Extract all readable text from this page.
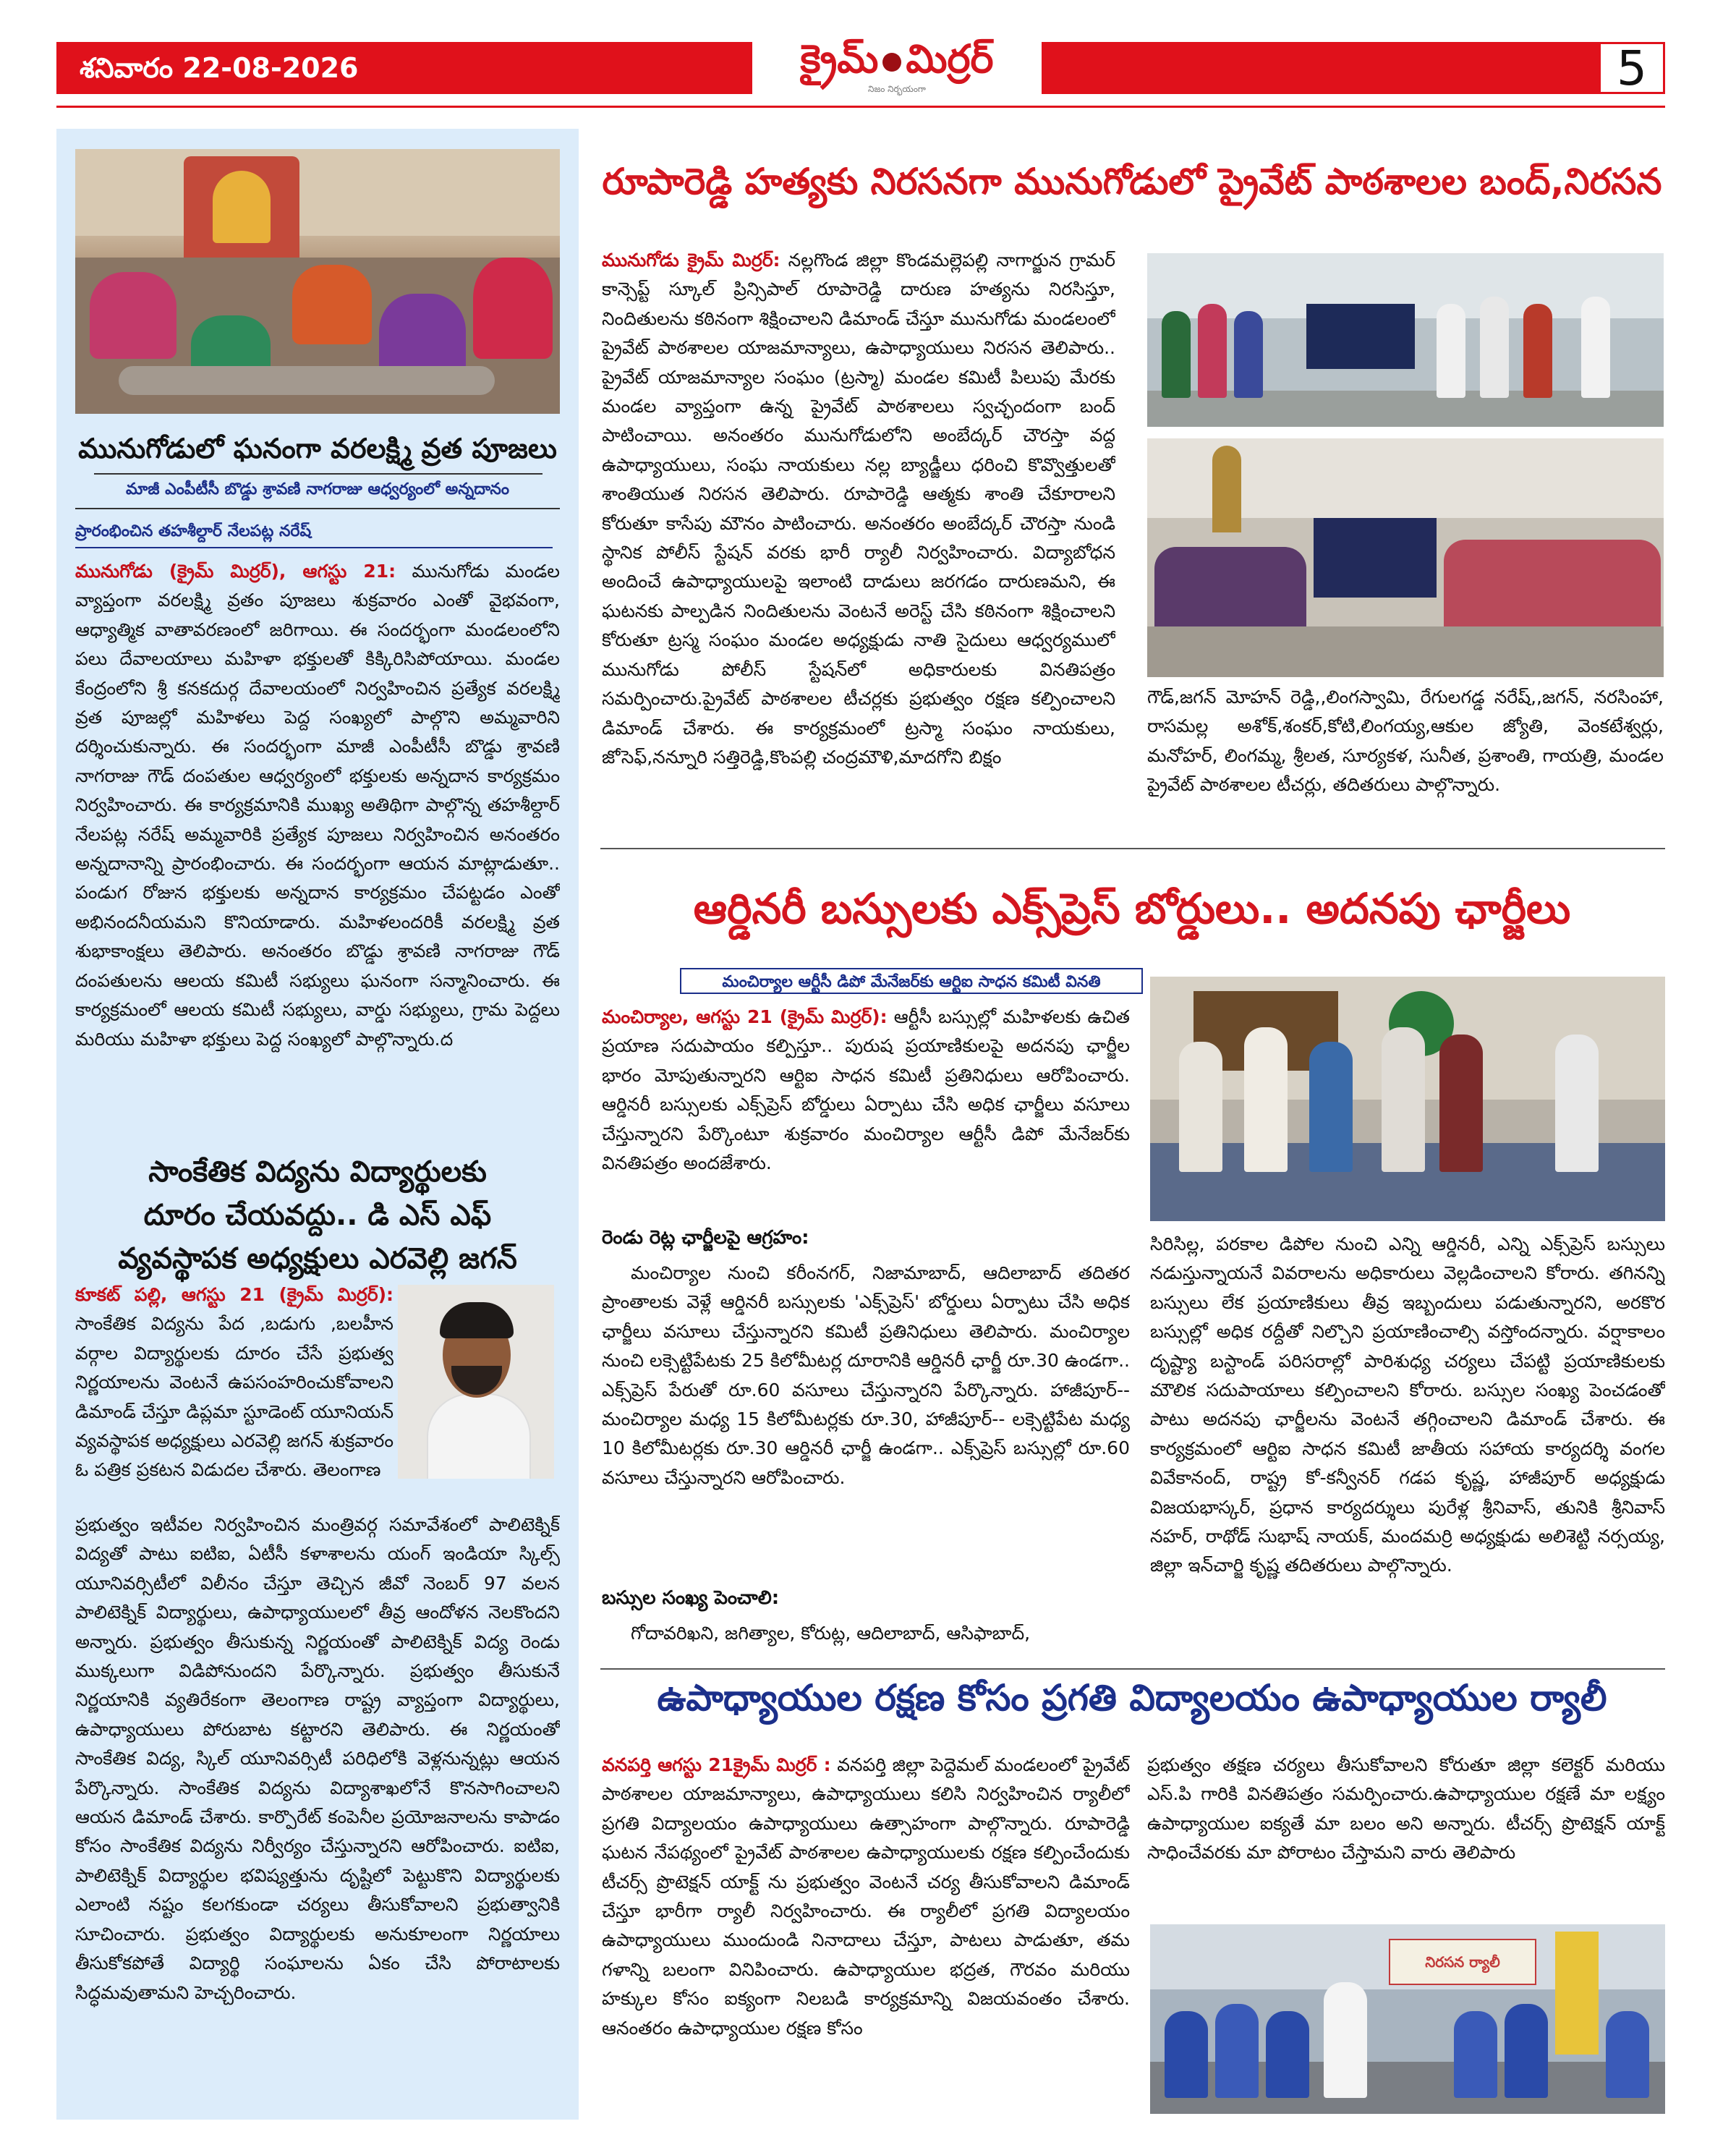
శనివారం 22-08-2026	క్రైమ్ మిర్రర్
నిజం నిర్భయంగా	5
మునుగోడులో ఘనంగా వరలక్ష్మి వ్రత పూజలు
మాజీ ఎంపీటీసీ బొడ్డు శ్రావణి నాగరాజు ఆధ్వర్యంలో అన్నదానం
ప్రారంభించిన తహశీల్దార్ నేలపట్ల నరేష్
మునుగోడు (క్రైమ్ మిర్రర్), ఆగస్టు 21: మునుగోడు మండల వ్యాప్తంగా వరలక్ష్మి వ్రతం పూజలు శుక్రవారం ఎంతో వైభవంగా, ఆధ్యాత్మిక వాతావరణంలో జరిగాయి. ఈ సందర్భంగా మండలంలోని పలు దేవాలయాలు మహిళా భక్తులతో కిక్కిరిసిపోయాయి. మండల కేంద్రంలోని శ్రీ కనకదుర్గ దేవాలయంలో నిర్వహించిన ప్రత్యేక వరలక్ష్మి వ్రత పూజల్లో మహిళలు పెద్ద సంఖ్యలో పాల్గొని అమ్మవారిని దర్శించుకున్నారు. ఈ సందర్భంగా మాజీ ఎంపీటీసీ బొడ్డు శ్రావణి నాగరాజు గౌడ్ దంపతుల ఆధ్వర్యంలో భక్తులకు అన్నదాన కార్యక్రమం నిర్వహించారు. ఈ కార్యక్రమానికి ముఖ్య అతిథిగా పాల్గొన్న తహశీల్దార్ నేలపట్ల నరేష్ అమ్మవారికి ప్రత్యేక పూజలు నిర్వహించిన అనంతరం అన్నదానాన్ని ప్రారంభించారు. ఈ సందర్భంగా ఆయన మాట్లాడుతూ.. పండుగ రోజున భక్తులకు అన్నదాన కార్యక్రమం చేపట్టడం ఎంతో అభినందనీయమని కొనియాడారు. మహిళలందరికీ వరలక్ష్మి వ్రత శుభాకాంక్షలు తెలిపారు. అనంతరం బొడ్డు శ్రావణి నాగరాజు గౌడ్ దంపతులను ఆలయ కమిటీ సభ్యులు ఘనంగా సన్మానించారు. ఈ కార్యక్రమంలో ఆలయ కమిటీ సభ్యులు, వార్డు సభ్యులు, గ్రామ పెద్దలు మరియు మహిళా భక్తులు పెద్ద సంఖ్యలో పాల్గొన్నారు.ద
సాంకేతిక విద్యను విద్యార్థులకు
దూరం చేయవద్దు.. డి ఎస్ ఎఫ్
వ్యవస్థాపక అధ్యక్షులు ఎరవెల్లి జగన్
కూకట్ పల్లి, ఆగస్టు 21 (క్రైమ్ మిర్రర్): సాంకేతిక విద్యను పేద ,బడుగు ,బలహీన వర్గాల విద్యార్థులకు దూరం చేసే ప్రభుత్వ నిర్ణయాలను వెంటనే ఉపసంహరించుకోవాలని డిమాండ్ చేస్తూ డిప్లమా స్టూడెంట్ యూనియన్ వ్యవస్థాపక అధ్యక్షులు ఎరవెల్లి జగన్ శుక్రవారం ఓ పత్రిక ప్రకటన విడుదల చేశారు. తెలంగాణ
ప్రభుత్వం ఇటీవల నిర్వహించిన మంత్రివర్గ సమావేశంలో పాలిటెక్నిక్ విద్యతో పాటు ఐటిఐ, ఏటీసీ కళాశాలను యంగ్ ఇండియా స్కిల్స్ యూనివర్సిటీలో విలీనం చేస్తూ తెచ్చిన జీవో నెంబర్ 97 వలన పాలిటెక్నిక్ విద్యార్థులు, ఉపాధ్యాయులలో తీవ్ర ఆందోళన నెలకొందని అన్నారు. ప్రభుత్వం తీసుకున్న నిర్ణయంతో పాలిటెక్నిక్ విద్య రెండు ముక్కలుగా విడిపోనుందని పేర్కొన్నారు. ప్రభుత్వం తీసుకునే నిర్ణయానికి వ్యతిరేకంగా తెలంగాణ రాష్ట్ర వ్యాప్తంగా విద్యార్థులు, ఉపాధ్యాయులు పోరుబాట కట్టారని తెలిపారు. ఈ నిర్ణయంతో సాంకేతిక విద్య, స్కిల్ యూనివర్సిటీ పరిధిలోకి వెళ్లనున్నట్లు ఆయన పేర్కొన్నారు. సాంకేతిక విద్యను విద్యాశాఖలోనే కొనసాగించాలని ఆయన డిమాండ్ చేశారు. కార్పొరేట్ కంపెనీల ప్రయోజనాలను కాపాడం కోసం సాంకేతిక విద్యను నిర్వీర్యం చేస్తున్నారని ఆరోపించారు. ఐటిఐ, పాలిటెక్నిక్ విద్యార్థుల భవిష్యత్తును దృష్టిలో పెట్టుకొని విద్యార్థులకు ఎలాంటి నష్టం కలగకుండా చర్యలు తీసుకోవాలని ప్రభుత్వానికి సూచించారు. ప్రభుత్వం విద్యార్థులకు అనుకూలంగా నిర్ణయాలు తీసుకోకపోతే విద్యార్థి సంఘాలను ఏకం చేసి పోరాటాలకు సిద్ధమవుతామని హెచ్చరించారు.
రూపారెడ్డి హత్యకు నిరసనగా మునుగోడులో ప్రైవేట్ పాఠశాలల బంద్,నిరసన
మునుగోడు క్రైమ్ మిర్రర్: నల్లగొండ జిల్లా కొండమల్లెపల్లి నాగార్జున గ్రామర్ కాన్సెప్ట్ స్కూల్ ప్రిన్సిపాల్ రూపారెడ్డి దారుణ హత్యను నిరసిస్తూ, నిందితులను కఠినంగా శిక్షించాలని డిమాండ్ చేస్తూ మునుగోడు మండలంలో ప్రైవేట్ పాఠశాలల యాజమాన్యాలు, ఉపాధ్యాయులు నిరసన తెలిపారు.. ప్రైవేట్ యాజమాన్యాల సంఘం (ట్రస్మా) మండల కమిటీ పిలుపు మేరకు మండల వ్యాప్తంగా ఉన్న ప్రైవేట్ పాఠశాలలు స్వచ్ఛందంగా బంద్ పాటించాయి. అనంతరం మునుగోడులోని అంబేద్కర్ చౌరస్తా వద్ద ఉపాధ్యాయులు, సంఘ నాయకులు నల్ల బ్యాడ్జీలు ధరించి కొవ్వొత్తులతో శాంతియుత నిరసన తెలిపారు. రూపారెడ్డి ఆత్మకు శాంతి చేకూరాలని కోరుతూ కాసేపు మౌనం పాటించారు. అనంతరం అంబేద్కర్ చౌరస్తా నుండి స్థానిక పోలీస్ స్టేషన్ వరకు భారీ ర్యాలీ నిర్వహించారు. విద్యాబోధన అందించే ఉపాధ్యాయులపై ఇలాంటి దాడులు జరగడం దారుణమని, ఈ ఘటనకు పాల్పడిన నిందితులను వెంటనే అరెస్ట్ చేసి కఠినంగా శిక్షించాలని కోరుతూ ట్రస్మ సంఘం మండల అధ్యక్షుడు నాతి సైదులు ఆధ్వర్యములో మునుగోడు పోలీస్ స్టేషన్‌లో అధికారులకు వినతిపత్రం సమర్పించారు.ప్రైవేట్ పాఠశాలల టీచర్లకు ప్రభుత్వం రక్షణ కల్పించాలని డిమాండ్ చేశారు. ఈ కార్యక్రమంలో ట్రస్మా సంఘం నాయకులు, జోసెఫ్,నన్నూరి సత్తిరెడ్డి,కొంపల్లి చంద్రమౌళి,మాదగోని బిక్షం
గౌడ్,జగన్ మోహన్ రెడ్డి,,లింగస్వామి, రేగులగడ్డ నరేష్,,జగన్, నరసింహా, రాసమల్ల అశోక్,శంకర్,కోటి,లింగయ్య,ఆకుల జ్యోతి, వెంకటేశ్వర్లు, మనోహర్, లింగమ్మ, శ్రీలత, సూర్యకళ, సునీత, ప్రశాంతి, గాయత్రి, మండల ప్రైవేట్ పాఠశాలల టీచర్లు, తదితరులు పాల్గొన్నారు.
ఆర్డినరీ బస్సులకు ఎక్స్‌ప్రెస్ బోర్డులు.. అదనపు ఛార్జీలు
మంచిర్యాల ఆర్టీసీ డిపో మేనేజర్‌కు ఆర్టిఐ సాధన కమిటీ వినతి
మంచిర్యాల, ఆగస్టు 21 (క్రైమ్ మిర్రర్): ఆర్టీసీ బస్సుల్లో మహిళలకు ఉచిత ప్రయాణ సదుపాయం కల్పిస్తూ.. పురుష ప్రయాణికులపై అదనపు ఛార్జీల భారం మోపుతున్నారని ఆర్టిఐ సాధన కమిటీ ప్రతినిధులు ఆరోపించారు. ఆర్డినరీ బస్సులకు ఎక్స్‌ప్రెస్ బోర్డులు ఏర్పాటు చేసి అధిక ఛార్జీలు వసూలు చేస్తున్నారని పేర్కొంటూ శుక్రవారం మంచిర్యాల ఆర్టీసీ డిపో మేనేజర్‌కు వినతిపత్రం అందజేశారు.
రెండు రెట్ల ఛార్జీలపై ఆగ్రహం:
మంచిర్యాల నుంచి కరీంనగర్, నిజామాబాద్, ఆదిలాబాద్ తదితర ప్రాంతాలకు వెళ్లే ఆర్డినరీ బస్సులకు 'ఎక్స్‌ప్రెస్' బోర్డులు ఏర్పాటు చేసి అధిక ఛార్జీలు వసూలు చేస్తున్నారని కమిటీ ప్రతినిధులు తెలిపారు. మంచిర్యాల నుంచి లక్సెట్టిపేటకు 25 కిలోమీటర్ల దూరానికి ఆర్డినరీ ఛార్జీ రూ.30 ఉండగా.. ఎక్స్‌ప్రెస్ పేరుతో రూ.60 వసూలు చేస్తున్నారని పేర్కొన్నారు. హాజీపూర్-- మంచిర్యాల మధ్య 15 కిలోమీటర్లకు రూ.30, హాజీపూర్-- లక్సెట్టిపేట మధ్య 10 కిలోమీటర్లకు రూ.30 ఆర్డినరీ ఛార్జీ ఉండగా.. ఎక్స్‌ప్రెస్ బస్సుల్లో రూ.60 వసూలు చేస్తున్నారని ఆరోపించారు.
బస్సుల సంఖ్య పెంచాలి:
గోదావరిఖని, జగిత్యాల, కోరుట్ల, ఆదిలాబాద్, ఆసిఫాబాద్,
సిరిసిల్ల, పరకాల డిపోల నుంచి ఎన్ని ఆర్డినరీ, ఎన్ని ఎక్స్‌ప్రెస్ బస్సులు నడుస్తున్నాయనే వివరాలను అధికారులు వెల్లడించాలని కోరారు. తగినన్ని బస్సులు లేక ప్రయాణికులు తీవ్ర ఇబ్బందులు పడుతున్నారని, అరకొర బస్సుల్లో అధిక రద్దీతో నిల్చొని ప్రయాణించాల్సి వస్తోందన్నారు. వర్షాకాలం దృష్ట్యా బస్టాండ్ పరిసరాల్లో పారిశుధ్య చర్యలు చేపట్టి ప్రయాణికులకు మౌలిక సదుపాయాలు కల్పించాలని కోరారు. బస్సుల సంఖ్య పెంచడంతో పాటు అదనపు ఛార్జీలను వెంటనే తగ్గించాలని డిమాండ్ చేశారు. ఈ కార్యక్రమంలో ఆర్టిఐ సాధన కమిటీ జాతీయ సహాయ కార్యదర్శి వంగల వివేకానంద్, రాష్ట్ర కో-కన్వీనర్ గడప కృష్ణ, హాజీపూర్ అధ్యక్షుడు విజయభాస్కర్, ప్రధాన కార్యదర్శులు పురేళ్ల శ్రీనివాస్, తునికి శ్రీనివాస్ నహర్, రాథోడ్ సుభాష్ నాయక్, మందమర్రి అధ్యక్షుడు అలిశెట్టి నర్సయ్య, జిల్లా ఇన్‌చార్జి కృష్ణ తదితరులు పాల్గొన్నారు.
ఉపాధ్యాయుల రక్షణ కోసం ప్రగతి విద్యాలయం ఉపాధ్యాయుల ర్యాలీ
వనపర్తి ఆగస్టు 21క్రైమ్ మిర్రర్ : వనపర్తి జిల్లా పెద్దెమల్ మండలంలో ప్రైవేట్ పాఠశాలల యాజమాన్యాలు, ఉపాధ్యాయులు కలిసి నిర్వహించిన ర్యాలీలో ప్రగతి విద్యాలయం ఉపాధ్యాయులు ఉత్సాహంగా పాల్గొన్నారు. రూపారెడ్డి ఘటన నేపథ్యంలో ప్రైవేట్ పాఠశాలల ఉపాధ్యాయులకు రక్షణ కల్పించేందుకు టీచర్స్ ప్రొటెక్షన్ యాక్ట్ ను ప్రభుత్వం వెంటనే చర్య తీసుకోవాలని డిమాండ్ చేస్తూ భారీగా ర్యాలీ నిర్వహించారు. ఈ ర్యాలీలో ప్రగతి విద్యాలయం ఉపాధ్యాయులు ముందుండి నినాదాలు చేస్తూ, పాటలు పాడుతూ, తమ గళాన్ని బలంగా వినిపించారు. ఉపాధ్యాయుల భద్రత, గౌరవం మరియు హక్కుల కోసం ఐక్యంగా నిలబడి కార్యక్రమాన్ని విజయవంతం చేశారు. ఆనంతరం ఉపాధ్యాయుల రక్షణ కోసం
ప్రభుత్వం తక్షణ చర్యలు తీసుకోవాలని కోరుతూ జిల్లా కలెక్టర్ మరియు ఎస్.పి గారికి వినతిపత్రం సమర్పించారు.ఉపాధ్యాయుల రక్షణే మా లక్ష్యం ఉపాధ్యాయుల ఐక్యతే మా బలం అని అన్నారు. టీచర్స్ ప్రొటెక్షన్ యాక్ట్ సాధించేవరకు మా పోరాటం చేస్తామని వారు తెలిపారు
నిరసన ర్యాలీ
